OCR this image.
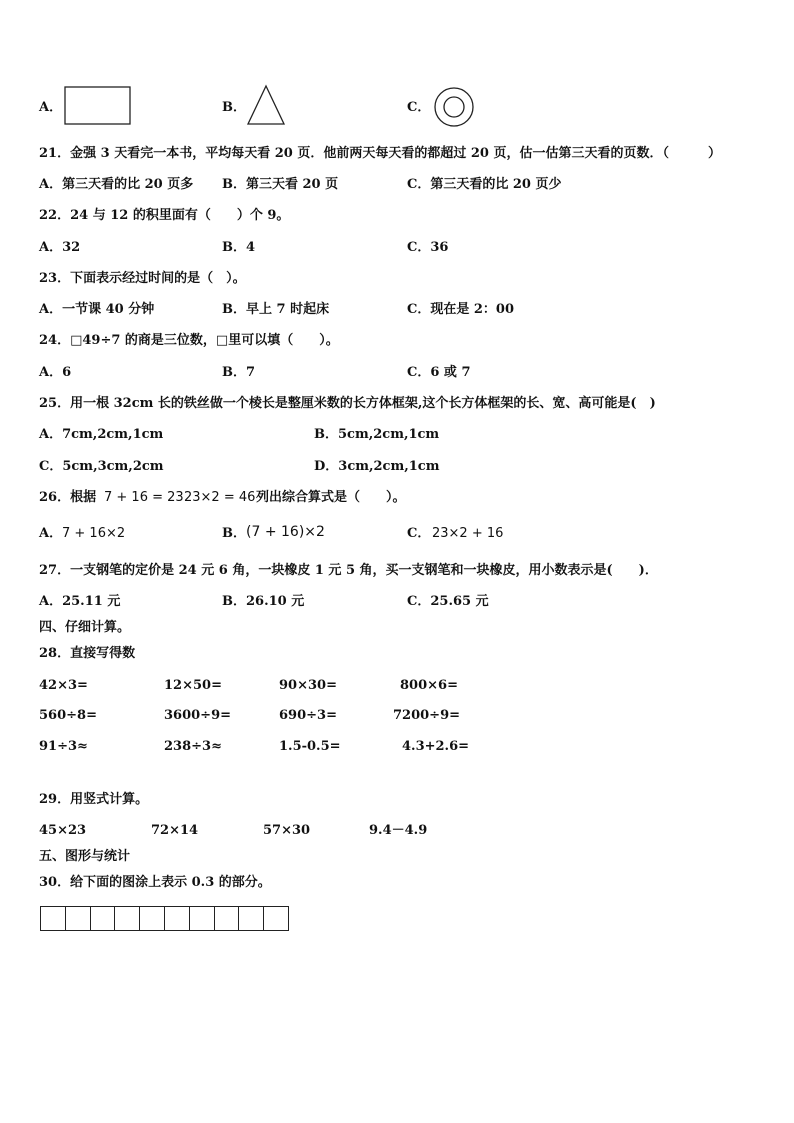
A．	B．	C．
21．金强 3 天看完一本书，平均每天看 20 页．他前两天每天看的都超过 20 页，估一估第三天看的页数．（　　　）
A．第三天看的比 20 页多 B．第三天看 20 页	C．第三天看的比 20 页少
22．24 与 12 的积里面有（　　）个 9。
A．32	B．4	C．36
23．下面表示经过时间的是（　）。
A．一节课 40 分钟	B．早上 7 时起床	C．现在是 2：00
24．□49÷7 的商是三位数，□里可以填（　　）。
A．6	B．7	C．6 或 7
25．用一根 32cm 长的铁丝做一个棱长是整厘米数的长方体框架,这个长方体框架的长、宽、高可能是(　)
A．7cm,2cm,1cm	B．5cm,2cm,1cm
C．5cm,3cm,2cm	D．3cm,2cm,1cm
26．根据 7 + 16 = 23 23×2 = 46 列出综合算式是（　　）。
A． 7 + 16×2	B． (7 + 16)×2	C． 23×2 + 16
27．一支钢笔的定价是 24 元 6 角，一块橡皮 1 元 5 角，买一支钢笔和一块橡皮，用小数表示是(　　)．
A．25.11 元	B．26.10 元	C．25.65 元
四、仔细计算。
28．直接写得数
42×3=	12×50=	90×30=	800×6=
560÷8=	3600÷9=	690÷3=	7200÷9=
91÷3≈	238÷3≈	1.5-0.5=	4.3+2.6=
29．用竖式计算。
45×23	72×14	57×30	9.4－4.9
五、图形与统计
30．给下面的图涂上表示 0.3 的部分。
